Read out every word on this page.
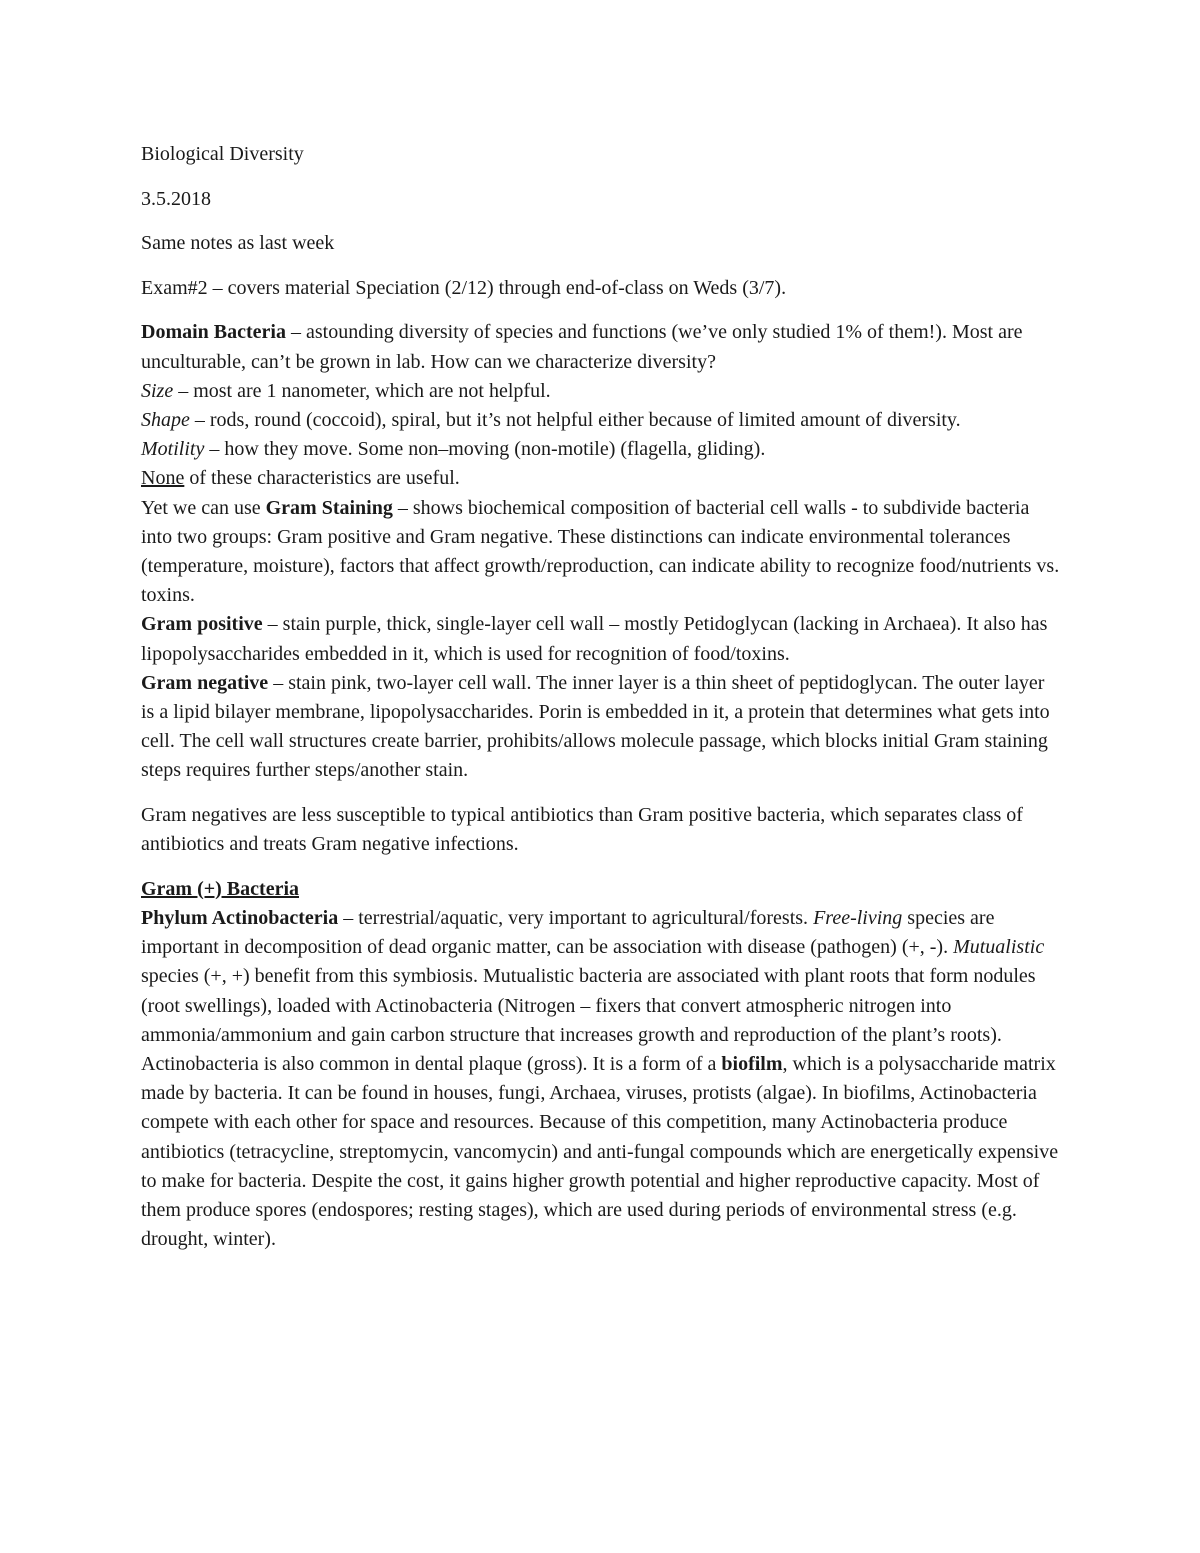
Biological Diversity

3.5.2018

Same notes as last week

Exam#2 – covers material Speciation (2/12) through end-of-class on Weds (3/7).

Domain Bacteria – astounding diversity of species and functions (we’ve only studied 1% of them!). Most are unculturable, can’t be grown in lab. How can we characterize diversity?

Size – most are 1 nanometer, which are not helpful.

Shape – rods, round (coccoid), spiral, but it’s not helpful either because of limited amount of diversity.

Motility – how they move. Some non–moving (non-motile) (flagella, gliding).

None of these characteristics are useful.

Yet we can use Gram Staining – shows biochemical composition of bacterial cell walls - to subdivide bacteria into two groups: Gram positive and Gram negative. These distinctions can indicate environmental tolerances (temperature, moisture), factors that affect growth/reproduction, can indicate ability to recognize food/nutrients vs. toxins.

Gram positive – stain purple, thick, single-layer cell wall – mostly Petidoglycan (lacking in Archaea). It also has lipopolysaccharides embedded in it, which is used for recognition of food/toxins.

Gram negative – stain pink, two-layer cell wall. The inner layer is a thin sheet of peptidoglycan. The outer layer is a lipid bilayer membrane, lipopolysaccharides. Porin is embedded in it, a protein that determines what gets into cell. The cell wall structures create barrier, prohibits/allows molecule passage, which blocks initial Gram staining steps requires further steps/another stain.

Gram negatives are less susceptible to typical antibiotics than Gram positive bacteria, which separates class of antibiotics and treats Gram negative infections.

Gram (+) Bacteria

Phylum Actinobacteria – terrestrial/aquatic, very important to agricultural/forests. Free-living species are important in decomposition of dead organic matter, can be association with disease (pathogen) (+, -). Mutualistic species (+, +) benefit from this symbiosis. Mutualistic bacteria are associated with plant roots that form nodules (root swellings), loaded with Actinobacteria (Nitrogen – fixers that convert atmospheric nitrogen into ammonia/ammonium and gain carbon structure that increases growth and reproduction of the plant’s roots).

Actinobacteria is also common in dental plaque (gross). It is a form of a biofilm, which is a polysaccharide matrix made by bacteria. It can be found in houses, fungi, Archaea, viruses, protists (algae). In biofilms, Actinobacteria compete with each other for space and resources. Because of this competition, many Actinobacteria produce antibiotics (tetracycline, streptomycin, vancomycin) and anti-fungal compounds which are energetically expensive to make for bacteria. Despite the cost, it gains higher growth potential and higher reproductive capacity. Most of them produce spores (endospores; resting stages), which are used during periods of environmental stress (e.g. drought, winter).
